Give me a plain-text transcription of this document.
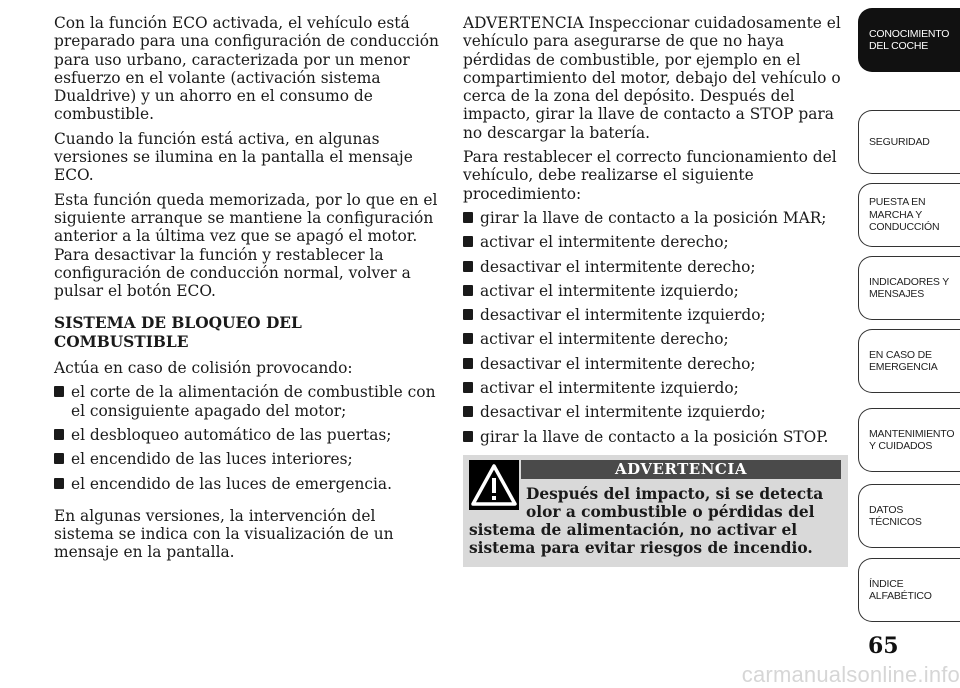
Con la función ECO activada, el vehículo está preparado para una configuración de conducción para uso urbano, caracterizada por un menor esfuerzo en el volante (activación sistema Dualdrive) y un ahorro en el consumo de combustible.

Cuando la función está activa, en algunas versiones se ilumina en la pantalla el mensaje ECO.

Esta función queda memorizada, por lo que en el siguiente arranque se mantiene la configuración anterior a la última vez que se apagó el motor. Para desactivar la función y restablecer la configuración de conducción normal, volver a pulsar el botón ECO.

SISTEMA DE BLOQUEO DEL COMBUSTIBLE

Actúa en caso de colisión provocando:

el corte de la alimentación de combustible con el consiguiente apagado del motor;
el desbloqueo automático de las puertas;
el encendido de las luces interiores;
el encendido de las luces de emergencia.

En algunas versiones, la intervención del sistema se indica con la visualización de un mensaje en la pantalla.

ADVERTENCIA Inspeccionar cuidadosamente el vehículo para asegurarse de que no haya pérdidas de combustible, por ejemplo en el compartimiento del motor, debajo del vehículo o cerca de la zona del depósito. Después del impacto, girar la llave de contacto a STOP para no descargar la batería.

Para restablecer el correcto funcionamiento del vehículo, debe realizarse el siguiente procedimiento:

girar la llave de contacto a la posición MAR;
activar el intermitente derecho;
desactivar el intermitente derecho;
activar el intermitente izquierdo;
desactivar el intermitente izquierdo;
activar el intermitente derecho;
desactivar el intermitente derecho;
activar el intermitente izquierdo;
desactivar el intermitente izquierdo;
girar la llave de contacto a la posición STOP.
ADVERTENCIA
Después del impacto, si se detecta olor a combustible o pérdidas del sistema de alimentación, no activar el sistema para evitar riesgos de incendio.
CONOCIMIENTO DEL COCHE
SEGURIDAD
PUESTA EN MARCHA Y CONDUCCIÓN
INDICADORES Y MENSAJES
EN CASO DE EMERGENCIA
MANTENIMIENTO Y CUIDADOS
DATOS TÉCNICOS
ÍNDICE ALFABÉTICO
65
carmanualsonline.info
